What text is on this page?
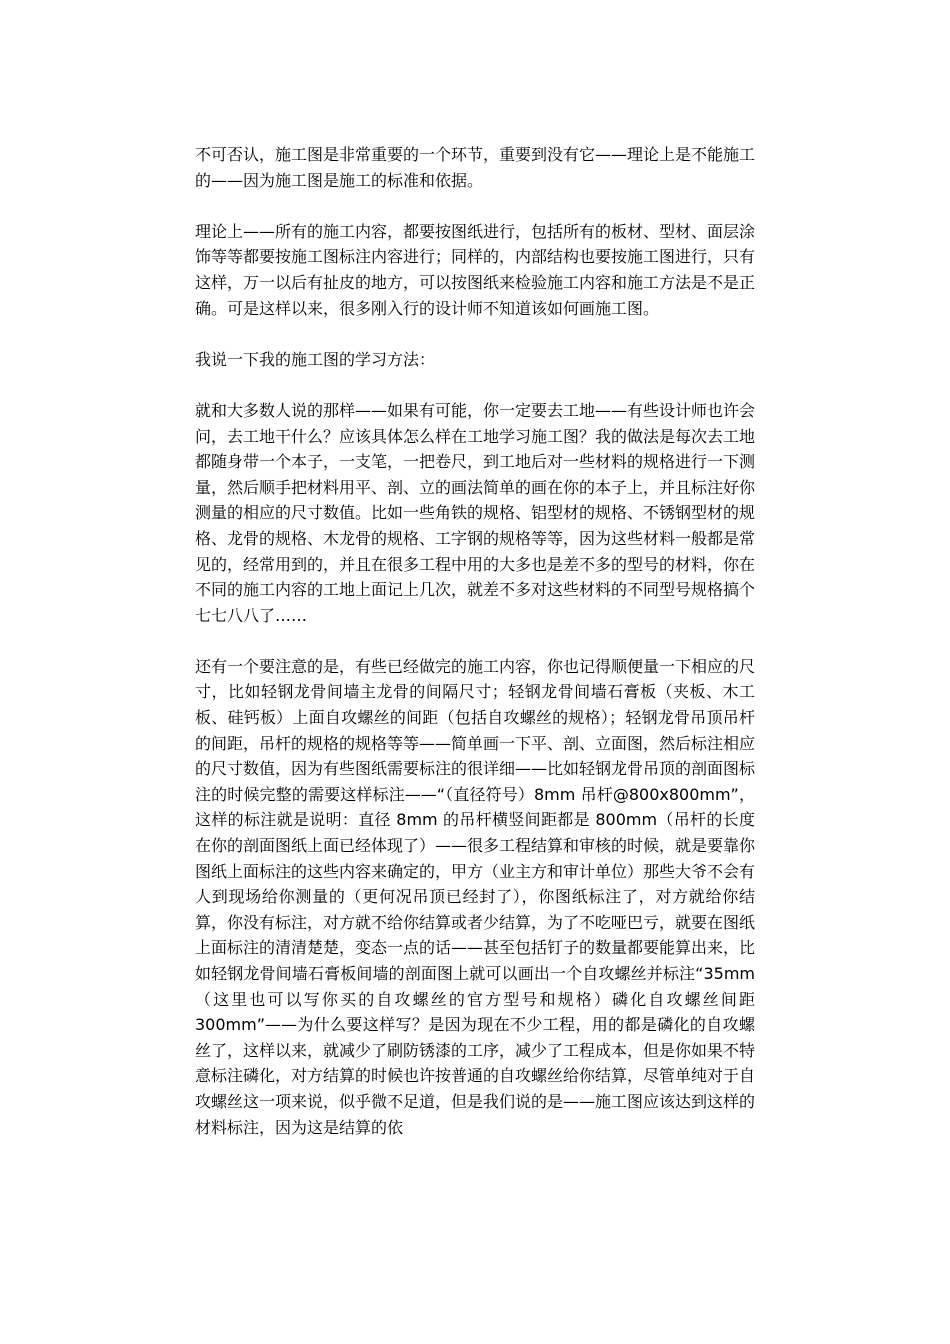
不可否认，施工图是非常重要的一个环节，重要到没有它——理论上是不能施工的——因为施工图是施工的标准和依据。

理论上——所有的施工内容，都要按图纸进行，包括所有的板材、型材、面层涂饰等等都要按施工图标注内容进行；同样的，内部结构也要按施工图进行，只有这样，万一以后有扯皮的地方，可以按图纸来检验施工内容和施工方法是不是正确。可是这样以来，很多刚入行的设计师不知道该如何画施工图。

我说一下我的施工图的学习方法：

就和大多数人说的那样——如果有可能，你一定要去工地——有些设计师也许会问，去工地干什么？应该具体怎么样在工地学习施工图？我的做法是每次去工地都随身带一个本子，一支笔，一把卷尺，到工地后对一些材料的规格进行一下测量，然后顺手把材料用平、剖、立的画法简单的画在你的本子上，并且标注好你测量的相应的尺寸数值。比如一些角铁的规格、铝型材的规格、不锈钢型材的规格、龙骨的规格、木龙骨的规格、工字钢的规格等等，因为这些材料一般都是常见的，经常用到的，并且在很多工程中用的大多也是差不多的型号的材料，你在不同的施工内容的工地上面记上几次，就差不多对这些材料的不同型号规格搞个七七八八了……

还有一个要注意的是，有些已经做完的施工内容，你也记得顺便量一下相应的尺寸，比如轻钢龙骨间墙主龙骨的间隔尺寸；轻钢龙骨间墙石膏板（夹板、木工板、硅钙板）上面自攻螺丝的间距（包括自攻螺丝的规格）；轻钢龙骨吊顶吊杆的间距，吊杆的规格的规格等等——简单画一下平、剖、立面图，然后标注相应的尺寸数值，因为有些图纸需要标注的很详细——比如轻钢龙骨吊顶的剖面图标注的时候完整的需要这样标注——“（直径符号）8mm 吊杆@800x800mm”，这样的标注就是说明：直径 8mm 的吊杆横竖间距都是 800mm（吊杆的长度在你的剖面图纸上面已经体现了）——很多工程结算和审核的时候，就是要靠你图纸上面标注的这些内容来确定的，甲方（业主方和审计单位）那些大爷不会有人到现场给你测量的（更何况吊顶已经封了），你图纸标注了，对方就给你结算，你没有标注，对方就不给你结算或者少结算，为了不吃哑巴亏，就要在图纸上面标注的清清楚楚，变态一点的话——甚至包括钉子的数量都要能算出来，比如轻钢龙骨间墙石膏板间墙的剖面图上就可以画出一个自攻螺丝并标注“35mm（这里也可以写你买的自攻螺丝的官方型号和规格）磷化自攻螺丝间距 300mm”——为什么要这样写？是因为现在不少工程，用的都是磷化的自攻螺丝了，这样以来，就减少了刷防锈漆的工序，减少了工程成本，但是你如果不特意标注磷化，对方结算的时候也许按普通的自攻螺丝给你结算，尽管单纯对于自攻螺丝这一项来说，似乎微不足道，但是我们说的是——施工图应该达到这样的材料标注，因为这是结算的依
